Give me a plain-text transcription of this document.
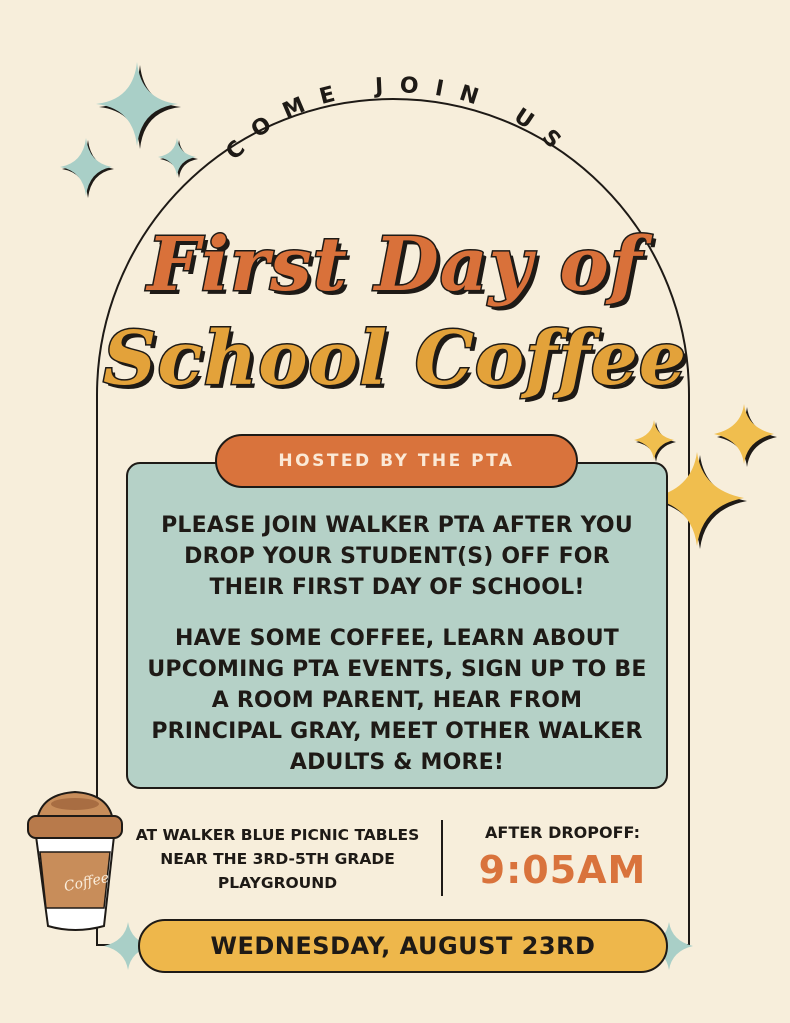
Coffee
COME JOIN US
First Day of
School Coffee
HOSTED BY THE PTA

PLEASE JOIN WALKER PTA AFTER YOU DROP YOUR STUDENT(S) OFF FOR THEIR FIRST DAY OF SCHOOL!

HAVE SOME COFFEE, LEARN ABOUT UPCOMING PTA EVENTS, SIGN UP TO BE A ROOM PARENT, HEAR FROM PRINCIPAL GRAY, MEET OTHER WALKER ADULTS & MORE!

AT WALKER BLUE PICNIC TABLES NEAR THE 3RD-5TH GRADE PLAYGROUND
AFTER DROPOFF:
9:05AM
WEDNESDAY, AUGUST 23RD
